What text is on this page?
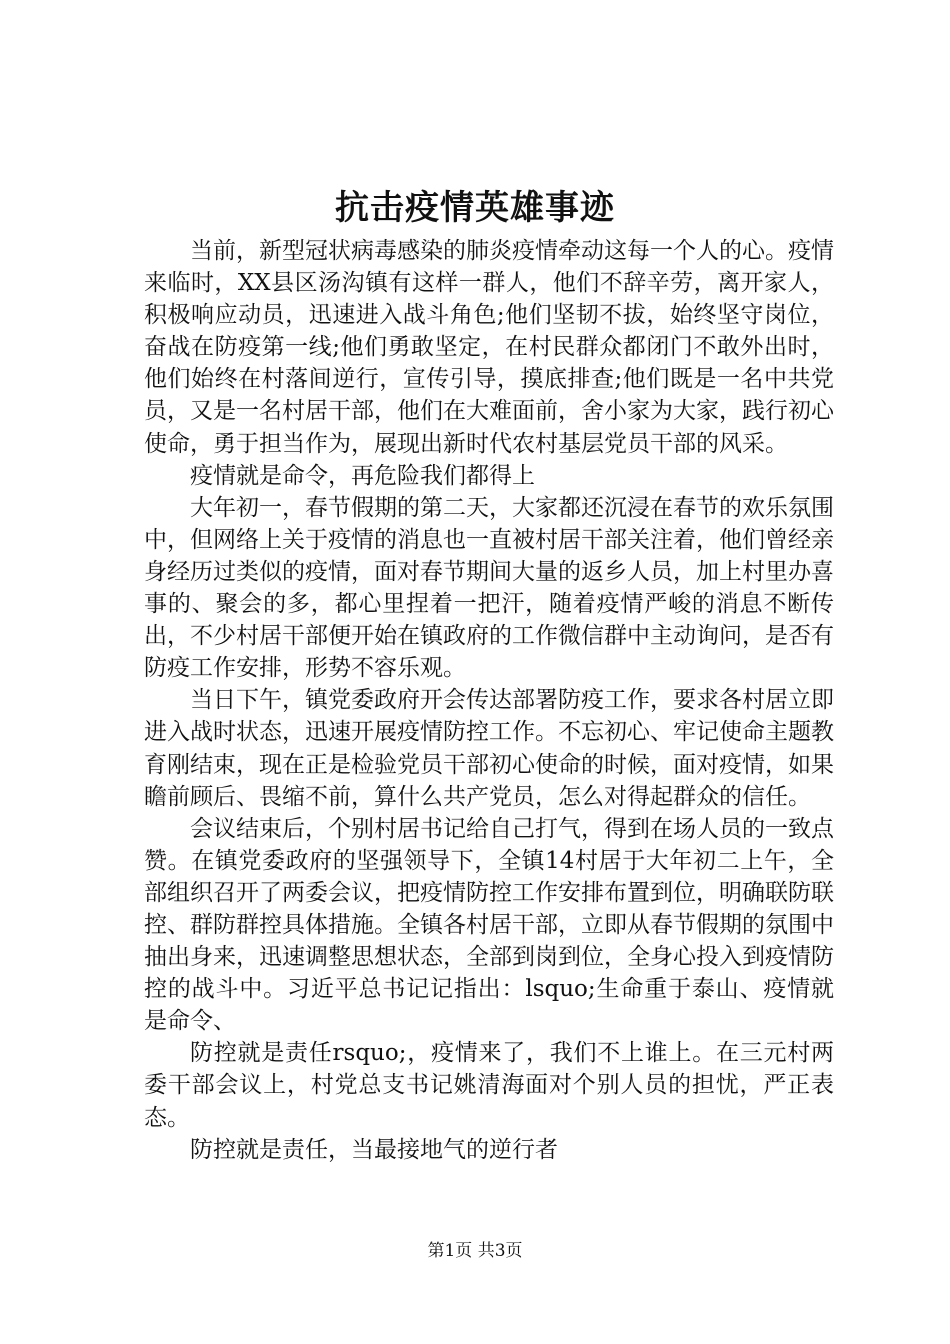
抗击疫情英雄事迹

当前，新型冠状病毒感染的肺炎疫情牵动这每一个人的心。疫情来临时，XX县区汤沟镇有这样一群人，他们不辞辛劳，离开家人，积极响应动员，迅速进入战斗角色;他们坚韧不拔，始终坚守岗位，奋战在防疫第一线;他们勇敢坚定，在村民群众都闭门不敢外出时，他们始终在村落间逆行，宣传引导，摸底排查;他们既是一名中共党员，又是一名村居干部，他们在大难面前，舍小家为大家，践行初心使命，勇于担当作为，展现出新时代农村基层党员干部的风采。

疫情就是命令，再危险我们都得上

大年初一，春节假期的第二天，大家都还沉浸在春节的欢乐氛围中，但网络上关于疫情的消息也一直被村居干部关注着，他们曾经亲身经历过类似的疫情，面对春节期间大量的返乡人员，加上村里办喜事的、聚会的多，都心里捏着一把汗，随着疫情严峻的消息不断传出，不少村居干部便开始在镇政府的工作微信群中主动询问，是否有防疫工作安排，形势不容乐观。

当日下午，镇党委政府开会传达部署防疫工作，要求各村居立即进入战时状态，迅速开展疫情防控工作。不忘初心、牢记使命主题教育刚结束，现在正是检验党员干部初心使命的时候，面对疫情，如果瞻前顾后、畏缩不前，算什么共产党员，怎么对得起群众的信任。

会议结束后，个别村居书记给自己打气，得到在场人员的一致点赞。在镇党委政府的坚强领导下，全镇14村居于大年初二上午，全部组织召开了两委会议，把疫情防控工作安排布置到位，明确联防联控、群防群控具体措施。全镇各村居干部，立即从春节假期的氛围中抽出身来，迅速调整思想状态，全部到岗到位，全身心投入到疫情防控的战斗中。习近平总书记记指出：lsquo;生命重于泰山、疫情就是命令、

防控就是责任rsquo;，疫情来了，我们不上谁上。在三元村两委干部会议上，村党总支书记姚清海面对个别人员的担忧，严正表态。

防控就是责任，当最接地气的逆行者

第1页 共3页
